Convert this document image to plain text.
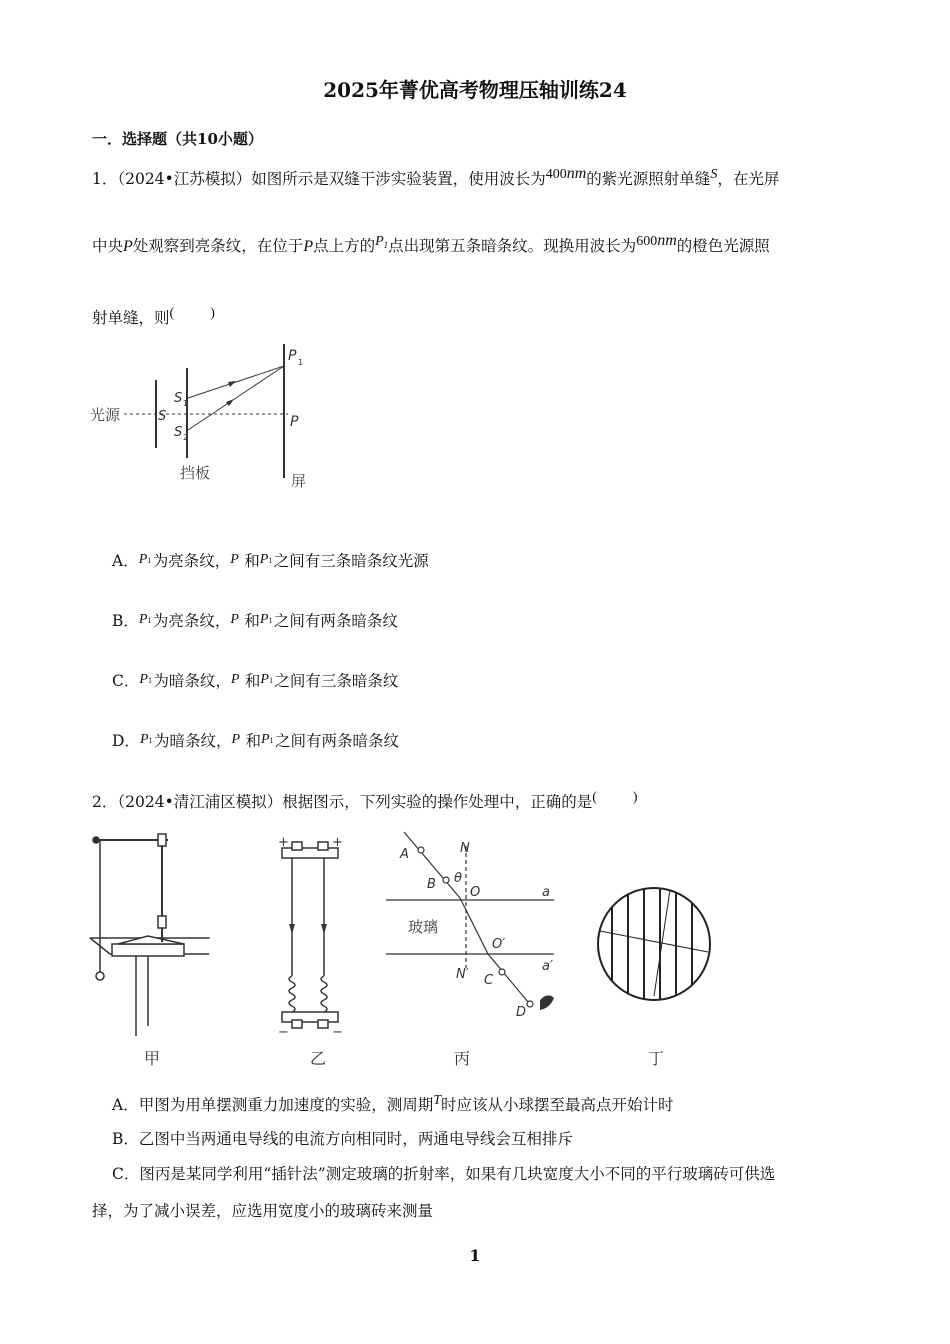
2025年菁优高考物理压轴训练24
一．选择题（共10小题）
1．（2024•江苏模拟）如图所示是双缝干涉实验装置，使用波长为400nm的紫光源照射单缝S，在光屏
中央P处观察到亮条纹，在位于P点上方的$P_1$点出现第五条暗条纹。现换用波长为600nm的橙色光源照
射单缝，则(	)
光源	S
S 1
S 2
P 1
P
挡板	屏
A． P1 为亮条纹， P 和 P1 之间有三条暗条纹光源
B． P1 为亮条纹， P 和 P1 之间有两条暗条纹
C． P1 为暗条纹， P 和 P1 之间有三条暗条纹
D． P1 为暗条纹， P 和 P1 之间有两条暗条纹
2．（2024•清江浦区模拟）根据图示，下列实验的操作处理中，正确的是(	)
甲
+	+
−	−
乙
A
B
C
D
N
N′
O
O′
θ
a
a′
玻璃
丙	丁
A．甲图为用单摆测重力加速度的实验，测周期T时应该从小球摆至最高点开始计时
B．乙图中当两通电导线的电流方向相同时，两通电导线会互相排斥
C．图丙是某同学利用“插针法”测定玻璃的折射率，如果有几块宽度大小不同的平行玻璃砖可供选
择，为了减小误差，应选用宽度小的玻璃砖来测量
1
